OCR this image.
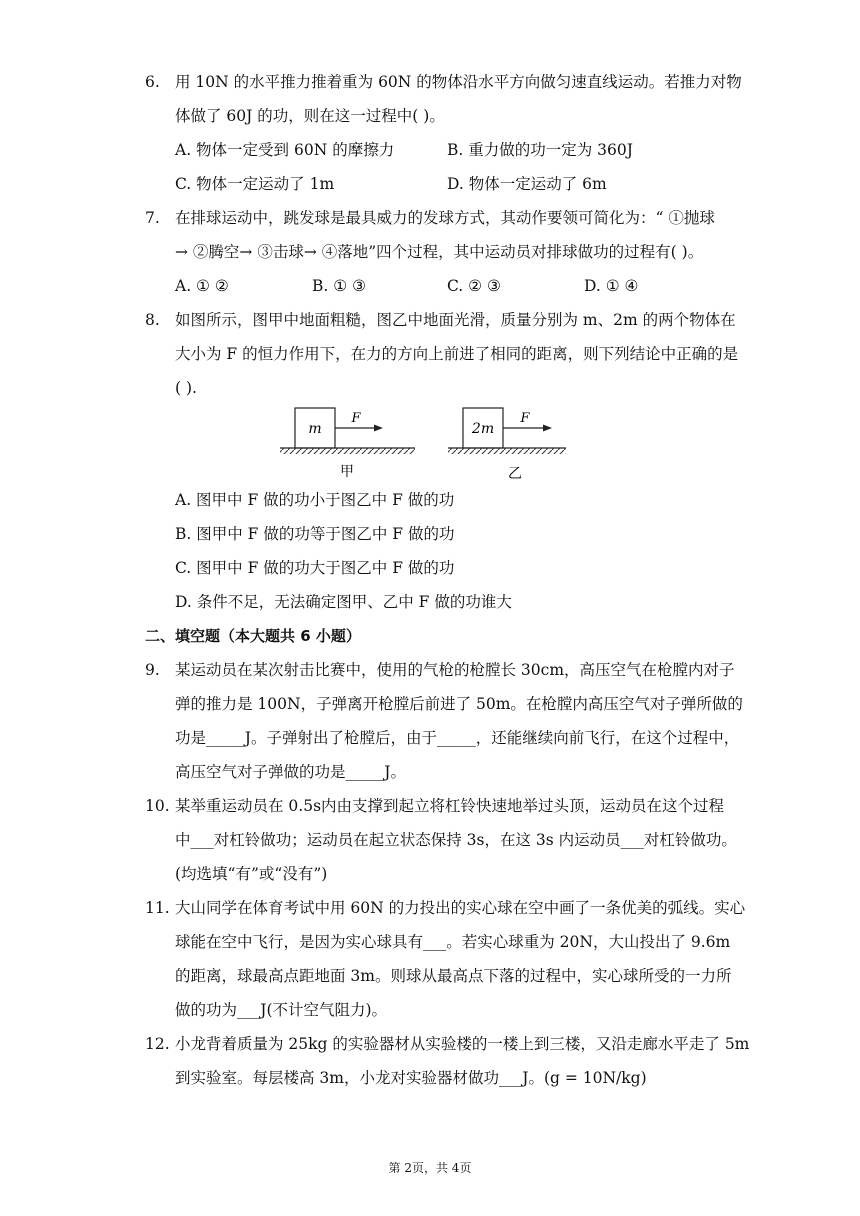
6. 用 10N 的水平推力推着重为 60N 的物体沿水平方向做匀速直线运动。若推力对物
体做了 60J 的功，则在这一过程中( )。
A. 物体一定受到 60N 的摩擦力	B. 重力做的功一定为 360J
C. 物体一定运动了 1m	D. 物体一定运动了 6m
7. 在排球运动中，跳发球是最具威力的发球方式，其动作要领可简化为：“ ①抛球
→ ②腾空→ ③击球→ ④落地”四个过程，其中运动员对排球做功的过程有( )。
A. ① ②	B. ① ③	C. ② ③	D. ① ④
8. 如图所示，图甲中地面粗糙，图乙中地面光滑，质量分别为 m、2m 的两个物体在
大小为 F 的恒力作用下，在力的方向上前进了相同的距离，则下列结论中正确的是
( ).
m
F
甲
2m
F
乙
A. 图甲中 F 做的功小于图乙中 F 做的功
B. 图甲中 F 做的功等于图乙中 F 做的功
C. 图甲中 F 做的功大于图乙中 F 做的功
D. 条件不足，无法确定图甲、乙中 F 做的功谁大
二、填空题（本大题共 6 小题）
9. 某运动员在某次射击比赛中，使用的气枪的枪膛长 30cm，高压空气在枪膛内对子
弹的推力是 100N，子弹离开枪膛后前进了 50m。在枪膛内高压空气对子弹所做的
功是_____J。子弹射出了枪膛后，由于_____，还能继续向前飞行，在这个过程中，
高压空气对子弹做的功是_____J。
10. 某举重运动员在 0.5s内由支撑到起立将杠铃快速地举过头顶，运动员在这个过程
中___对杠铃做功；运动员在起立状态保持 3s，在这 3s 内运动员___对杠铃做功。
(均选填“有”或“没有”)
11. 大山同学在体育考试中用 60N 的力投出的实心球在空中画了一条优美的弧线。实心
球能在空中飞行，是因为实心球具有___。若实心球重为 20N，大山投出了 9.6m
的距离，球最高点距地面 3m。则球从最高点下落的过程中，实心球所受的一力所
做的功为___J(不计空气阻力)。
12. 小龙背着质量为 25kg 的实验器材从实验楼的一楼上到三楼，又沿走廊水平走了 5m
到实验室。每层楼高 3m，小龙对实验器材做功___J。(g = 10N/kg)
第 2页，共 4页
